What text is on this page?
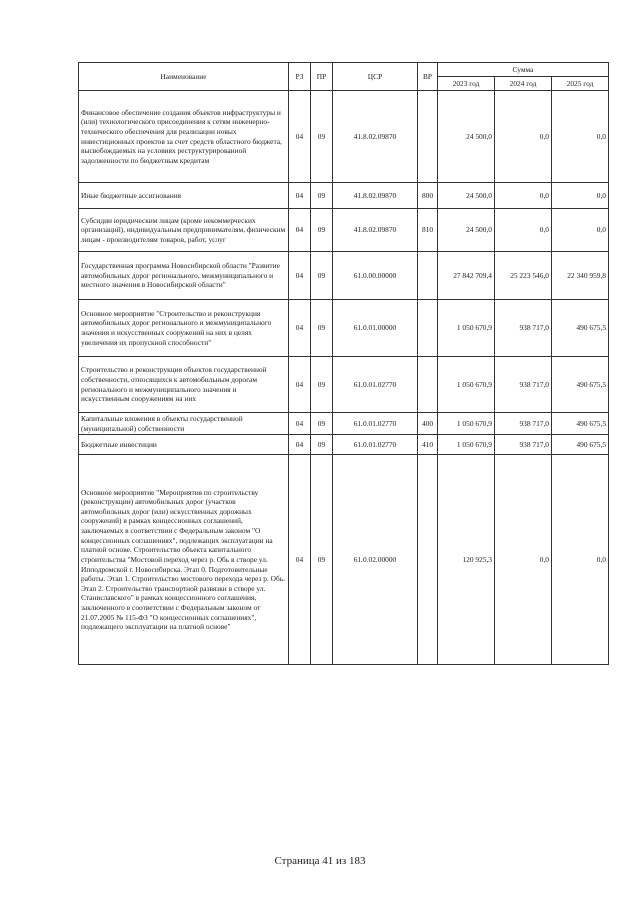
Наименование	РЗ	ПР	ЦСР	ВР	Сумма		
					2023 год	2024 год	2025 год
Финансовое обеспечение создания объектов инфраструктуры и (или) технологического присоединения к сетям инженерно-технического обеспечения для реализации новых инвестиционных проектов за счет средств областного бюджета, высвобождаемых на условиях реструктурированной задолженности по бюджетным кредитам	04	09	41.8.02.09870		24 500,0	0,0	0,0
Иные бюджетные ассигнования	04	09	41.8.02.09870	800	24 500,0	0,0	0,0
Субсидии юридическим лицам (кроме некоммерческих организаций), индивидуальным предпринимателям, физическим лицам - производителям товаров, работ, услуг	04	09	41.8.02.09870	810	24 500,0	0,0	0,0
Государственная программа Новосибирской области "Развитие автомобильных дорог регионального, межмуниципального и местного значения в Новосибирской области"	04	09	61.0.00.00000		27 842 709,4	25 223 546,0	22 340 959,8
Основное мероприятие "Строительство и реконструкция автомобильных дорог регионального и межмуниципального значения и искусственных сооружений на них в целях увеличения их пропускной способности"	04	09	61.0.01.00000		1 050 670,9	938 717,0	490 675,5
Строительство и реконструкция объектов государственной собственности, относящихся к автомобильным дорогам регионального и межмуниципального значения и искусственным сооружениям на них	04	09	61.0.01.02770		1 050 670,9	938 717,0	490 675,5
Капитальные вложения в объекты государственной (муниципальной) собственности	04	09	61.0.01.02770	400	1 050 670,9	938 717,0	490 675,5
Бюджетные инвестиции	04	09	61.0.01.02770	410	1 050 670,9	938 717,0	490 675,5
Основное мероприятие "Мероприятия по строительству (реконструкции) автомобильных дорог (участков автомобильных дорог (или) искусственных дорожных сооружений) в рамках концессионных соглашений, заключаемых в соответствии с Федеральным законом "О концессионных соглашениях", подлежащих эксплуатации на платной основе. Строительство объекта капитального строительства "Мостовой переход через р. Обь в створе ул. Ипподромской г. Новосибирска. Этап 0. Подготовительные работы. Этап 1. Строительство мостового перехода через р. Обь. Этап 2. Строительство транспортной развязки в створе ул. Станиславского" в рамках концессионного соглашения, заключенного в соответствии с Федеральным законом от 21.07.2005 № 115-ФЗ "О концессионных соглашениях", подлежащего эксплуатации на платной основе"	04	09	61.0.02.00000		120 925,3	0,0	0,0
Страница 41 из 183
